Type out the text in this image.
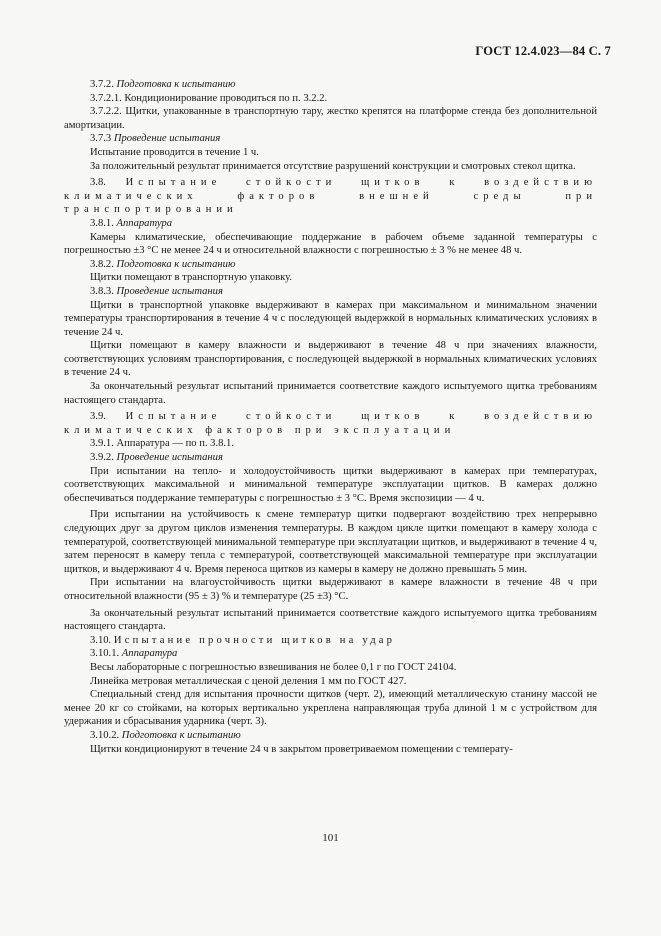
ГОСТ 12.4.023—84 С. 7

3.7.2. Подготовка к испытанию

3.7.2.1. Кондиционирование проводиться по п. 3.2.2.

3.7.2.2. Щитки, упакованные в транспортную тару, жестко крепятся на платформе стенда без дополнительной амортизации.

3.7.3 Проведение испытания

Испытание проводится в течение 1 ч.

За положительный результат принимается отсутствие разрушений конструкции и смотровых стекол щитка.

3.8. Испытание стойкости щитков к воздействию климатических факторов внешней среды при транспортировании

3.8.1. Аппаратура

Камеры климатические, обеспечивающие поддержание в рабочем объеме заданной температуры с погрешностью ±3 °С не менее 24 ч и относительной влажности с погрешностью ± 3 % не менее 48 ч.

3.8.2. Подготовка к испытанию

Щитки помещают в транспортную упаковку.

3.8.3. Проведение испытания

Щитки в транспортной упаковке выдерживают в камерах при максимальном и минимальном значении температуры транспортирования в течение 4 ч с последующей выдержкой в нормальных климатических условиях в течение 24 ч.

Щитки помещают в камеру влажности и выдерживают в течение 48 ч при значениях влажности, соответствующих условиям транспортирования, с последующей выдержкой в нормальных климатических условиях в течение 24 ч.

За окончательный результат испытаний принимается соответствие каждого испытуемого щитка требованиям настоящего стандарта.

3.9. Испытание стойкости щитков к воздействию климатических факторов при эксплуатации

3.9.1. Аппаратура — по п. 3.8.1.

3.9.2. Проведение испытания

При испытании на тепло- и холодоустойчивость щитки выдерживают в камерах при температурах, соответствующих максимальной и минимальной температуре эксплуатации щитков. В камерах должно обеспечиваться поддержание температуры с погрешностью ± 3 °С. Время экспозиции — 4 ч.

При испытании на устойчивость к смене температур щитки подвергают воздействию трех непрерывно следующих друг за другом циклов изменения температуры. В каждом цикле щитки помещают в камеру холода с температурой, соответствующей минимальной температуре при эксплуатации щитков, и выдерживают в течение 4 ч, затем переносят в камеру тепла с температурой, соответствующей максимальной температуре при эксплуатации щитков, и выдерживают 4 ч. Время переноса щитков из камеры в камеру не должно превышать 5 мин.

При испытании на влагоустойчивость щитки выдерживают в камере влажности в течение 48 ч при относительной влажности (95 ± 3) % и температуре (25 ±3) °С.

За окончательный результат испытаний принимается соответствие каждого испытуемого щитка требованиям настоящего стандарта.

3.10. Испытание прочности щитков на удар

3.10.1. Аппаратура

Весы лабораторные с погрешностью взвешивания не более 0,1 г по ГОСТ 24104.

Линейка метровая металлическая с ценой деления 1 мм по ГОСТ 427.

Специальный стенд для испытания прочности щитков (черт. 2), имеющий металлическую станину массой не менее 20 кг со стойками, на которых вертикально укреплена направляющая труба длиной 1 м с устройством для удержания и сбрасывания ударника (черт. 3).

3.10.2. Подготовка к испытанию

Щитки кондиционируют в течение 24 ч в закрытом проветриваемом помещении с температу-

101
